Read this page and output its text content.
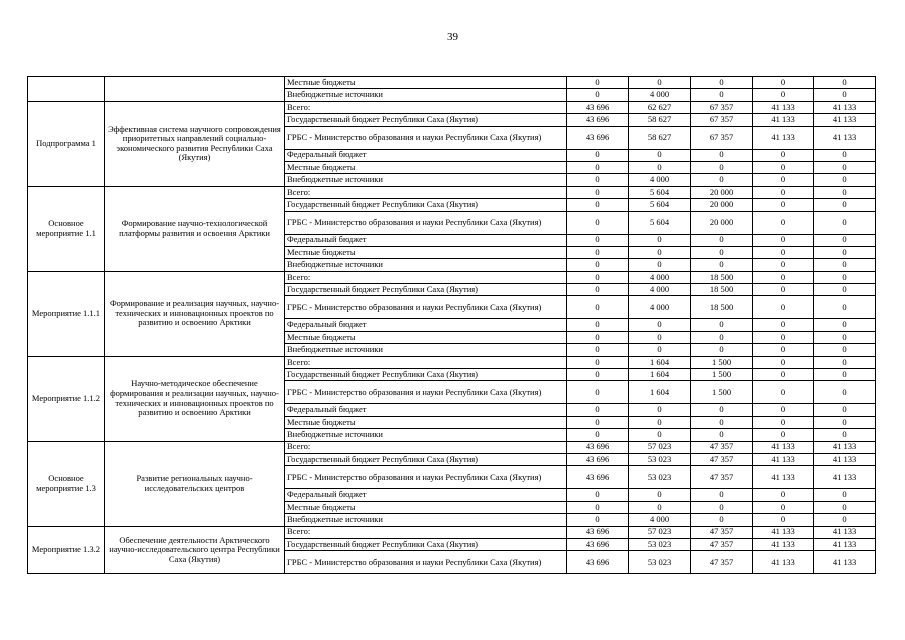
39
		Местные бюджеты	0	0	0	0	0
		Внебюджетные источники	0	4 000	0	0	0
Подпрограмма 1	Эффективная система научного сопровождения приоритетных направлений социально-экономического развития Республики Саха (Якутия)	Всего:	43 696	62 627	67 357	41 133	41 133
		Государственный бюджет Республики Саха (Якутия)	43 696	58 627	67 357	41 133	41 133
		ГРБС - Министерство образования и науки Республики Саха (Якутия)	43 696	58 627	67 357	41 133	41 133
		Федеральный бюджет	0	0	0	0	0
		Местные бюджеты	0	0	0	0	0
		Внебюджетные источники	0	4 000	0	0	0
Основное мероприятие 1.1	Формирование научно-технологической платформы развития и освоения Арктики	Всего:	0	5 604	20 000	0	0
		Государственный бюджет Республики Саха (Якутия)	0	5 604	20 000	0	0
		ГРБС - Министерство образования и науки Республики Саха (Якутия)	0	5 604	20 000	0	0
		Федеральный бюджет	0	0	0	0	0
		Местные бюджеты	0	0	0	0	0
		Внебюджетные источники	0	0	0	0	0
Мероприятие 1.1.1	Формирование и реализация научных, научно-технических и инновационных проектов по развитию и освоению Арктики	Всего:	0	4 000	18 500	0	0
		Государственный бюджет Республики Саха (Якутия)	0	4 000	18 500	0	0
		ГРБС - Министерство образования и науки Республики Саха (Якутия)	0	4 000	18 500	0	0
		Федеральный бюджет	0	0	0	0	0
		Местные бюджеты	0	0	0	0	0
		Внебюджетные источники	0	0	0	0	0
Мероприятие 1.1.2	Научно-методическое обеспечение формирования и реализации научных, научно-технических и инновационных проектов по развитию и освоению Арктики	Всего:	0	1 604	1 500	0	0
		Государственный бюджет Республики Саха (Якутия)	0	1 604	1 500	0	0
		ГРБС - Министерство образования и науки Республики Саха (Якутия)	0	1 604	1 500	0	0
		Федеральный бюджет	0	0	0	0	0
		Местные бюджеты	0	0	0	0	0
		Внебюджетные источники	0	0	0	0	0
Основное мероприятие 1.3	Развитие региональных научно-исследовательских центров	Всего:	43 696	57 023	47 357	41 133	41 133
		Государственный бюджет Республики Саха (Якутия)	43 696	53 023	47 357	41 133	41 133
		ГРБС - Министерство образования и науки Республики Саха (Якутия)	43 696	53 023	47 357	41 133	41 133
		Федеральный бюджет	0	0	0	0	0
		Местные бюджеты	0	0	0	0	0
		Внебюджетные источники	0	4 000	0	0	0
Мероприятие 1.3.2	Обеспечение деятельности Арктического научно-исследовательского центра Республики Саха (Якутия)	Всего:	43 696	57 023	47 357	41 133	41 133
		Государственный бюджет Республики Саха (Якутия)	43 696	53 023	47 357	41 133	41 133
		ГРБС - Министерство образования и науки Республики Саха (Якутия)	43 696	53 023	47 357	41 133	41 133
